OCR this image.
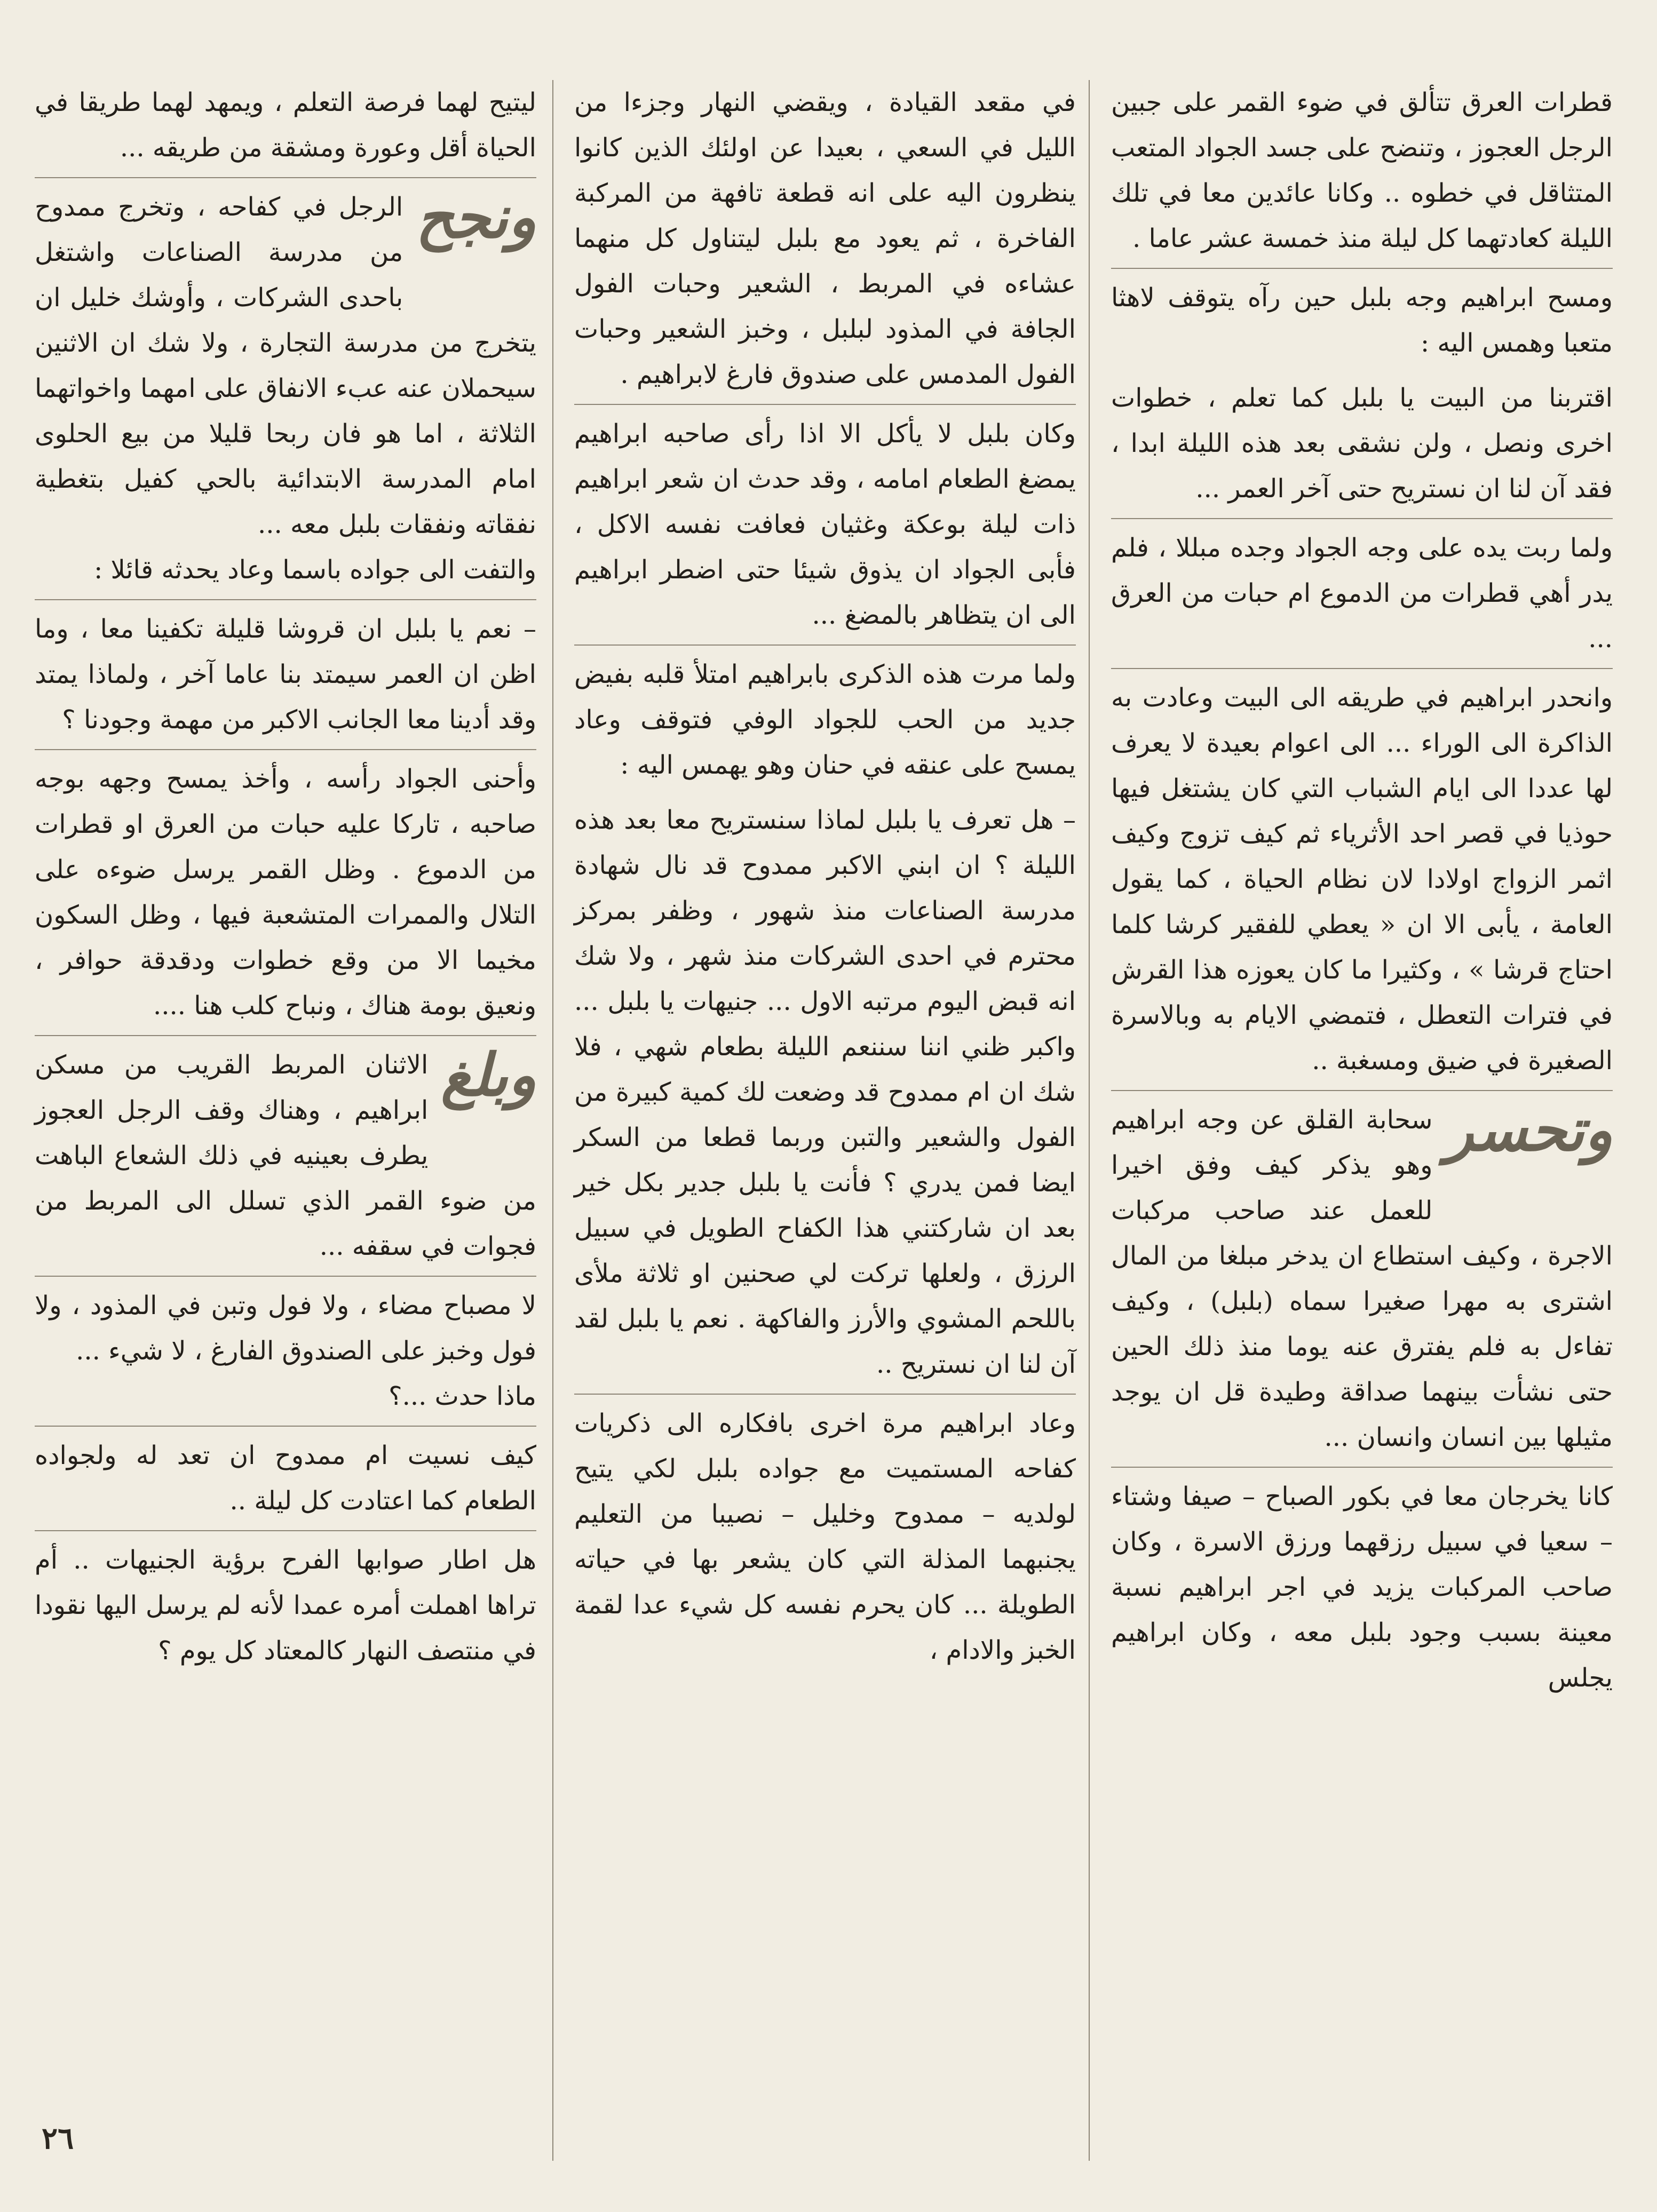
قطرات العرق تتألق في ضوء القمر على جبين الرجل العجوز ، وتنضح على جسد الجواد المتعب المتثاقل في خطوه .. وكانا عائدين معا في تلك الليلة كعادتهما كل ليلة منذ خمسة عشر عاما .

ومسح ابراهيم وجه بلبل حين رآه يتوقف لاهثا متعبا وهمس اليه :

اقتربنا من البيت يا بلبل كما تعلم ، خطوات اخرى ونصل ، ولن نشقى بعد هذه الليلة ابدا ، فقد آن لنا ان نستريح حتى آخر العمر ...

ولما ربت يده على وجه الجواد وجده مبللا ، فلم يدر أهي قطرات من الدموع ام حبات من العرق ...

وانحدر ابراهيم في طريقه الى البيت وعادت به الذاكرة الى الوراء ... الى اعوام بعيدة لا يعرف لها عددا الى ايام الشباب التي كان يشتغل فيها حوذيا في قصر احد الأثرياء ثم كيف تزوج وكيف اثمر الزواج اولادا لان نظام الحياة ، كما يقول العامة ، يأبى الا ان « يعطي للفقير كرشا كلما احتاج قرشا » ، وكثيرا ما كان يعوزه هذا القرش في فترات التعطل ، فتمضي الايام به وبالاسرة الصغيرة في ضيق ومسغبة ..

وتحسر
سحابة القلق عن وجه ابراهيم وهو يذكر كيف وفق اخيرا للعمل عند صاحب مركبات الاجرة ، وكيف استطاع ان يدخر مبلغا من المال اشترى به مهرا صغيرا سماه (بلبل) ، وكيف تفاءل به فلم يفترق عنه يوما منذ ذلك الحين حتى نشأت بينهما صداقة وطيدة قل ان يوجد مثيلها بين انسان وانسان ...

كانا يخرجان معا في بكور الصباح – صيفا وشتاء – سعيا في سبيل رزقهما ورزق الاسرة ، وكان صاحب المركبات يزيد في اجر ابراهيم نسبة معينة بسبب وجود بلبل معه ، وكان ابراهيم يجلس

في مقعد القيادة ، ويقضي النهار وجزءا من الليل في السعي ، بعيدا عن اولئك الذين كانوا ينظرون اليه على انه قطعة تافهة من المركبة الفاخرة ، ثم يعود مع بلبل ليتناول كل منهما عشاءه في المربط ، الشعير وحبات الفول الجافة في المذود لبلبل ، وخبز الشعير وحبات الفول المدمس على صندوق فارغ لابراهيم .

وكان بلبل لا يأكل الا اذا رأى صاحبه ابراهيم يمضغ الطعام امامه ، وقد حدث ان شعر ابراهيم ذات ليلة بوعكة وغثيان فعافت نفسه الاكل ، فأبى الجواد ان يذوق شيئا حتى اضطر ابراهيم الى ان يتظاهر بالمضغ ...

ولما مرت هذه الذكرى بابراهيم امتلأ قلبه بفيض جديد من الحب للجواد الوفي فتوقف وعاد يمسح على عنقه في حنان وهو يهمس اليه :

– هل تعرف يا بلبل لماذا سنستريح معا بعد هذه الليلة ؟ ان ابني الاكبر ممدوح قد نال شهادة مدرسة الصناعات منذ شهور ، وظفر بمركز محترم في احدى الشركات منذ شهر ، ولا شك انه قبض اليوم مرتبه الاول ... جنيهات يا بلبل ... واكبر ظني اننا سننعم الليلة بطعام شهي ، فلا شك ان ام ممدوح قد وضعت لك كمية كبيرة من الفول والشعير والتبن وربما قطعا من السكر ايضا فمن يدري ؟ فأنت يا بلبل جدير بكل خير بعد ان شاركتني هذا الكفاح الطويل في سبيل الرزق ، ولعلها تركت لي صحنين او ثلاثة ملأى باللحم المشوي والأرز والفاكهة . نعم يا بلبل لقد آن لنا ان نستريح ..

وعاد ابراهيم مرة اخرى بافكاره الى ذكريات كفاحه المستميت مع جواده بلبل لكي يتيح لولديه – ممدوح وخليل – نصيبا من التعليم يجنبهما المذلة التي كان يشعر بها في حياته الطويلة ... كان يحرم نفسه كل شيء عدا لقمة الخبز والادام ،

ليتيح لهما فرصة التعلم ، ويمهد لهما طريقا في الحياة أقل وعورة ومشقة من طريقه ...

ونجح
الرجل في كفاحه ، وتخرج ممدوح من مدرسة الصناعات واشتغل باحدى الشركات ، وأوشك خليل ان يتخرج من مدرسة التجارة ، ولا شك ان الاثنين سيحملان عنه عبء الانفاق على امهما واخواتهما الثلاثة ، اما هو فان ربحا قليلا من بيع الحلوى امام المدرسة الابتدائية بالحي كفيل بتغطية نفقاته ونفقات بلبل معه ...

والتفت الى جواده باسما وعاد يحدثه قائلا :

– نعم يا بلبل ان قروشا قليلة تكفينا معا ، وما اظن ان العمر سيمتد بنا عاما آخر ، ولماذا يمتد وقد أدينا معا الجانب الاكبر من مهمة وجودنا ؟

وأحنى الجواد رأسه ، وأخذ يمسح وجهه بوجه صاحبه ، تاركا عليه حبات من العرق او قطرات من الدموع . وظل القمر يرسل ضوءه على التلال والممرات المتشعبة فيها ، وظل السكون مخيما الا من وقع خطوات ودقدقة حوافر ، ونعيق بومة هناك ، ونباح كلب هنا ....

وبلغ
الاثنان المربط القريب من مسكن ابراهيم ، وهناك وقف الرجل العجوز يطرف بعينيه في ذلك الشعاع الباهت من ضوء القمر الذي تسلل الى المربط من فجوات في سقفه ...

لا مصباح مضاء ، ولا فول وتبن في المذود ، ولا فول وخبز على الصندوق الفارغ ، لا شيء ...

ماذا حدث ...؟

كيف نسيت ام ممدوح ان تعد له ولجواده الطعام كما اعتادت كل ليلة ..

هل اطار صوابها الفرح برؤية الجنيهات .. أم تراها اهملت أمره عمدا لأنه لم يرسل اليها نقودا في منتصف النهار كالمعتاد كل يوم ؟

٢٦
